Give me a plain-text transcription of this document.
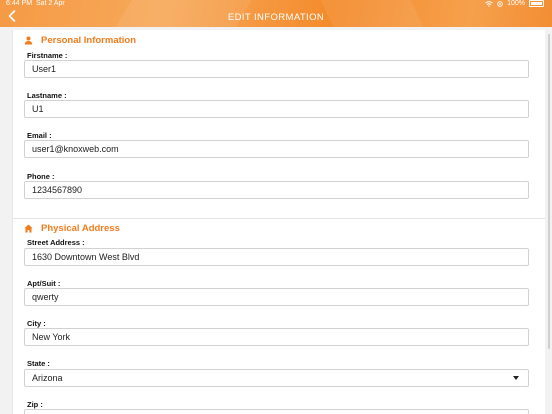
6:44 PM Sat 2 Apr	100%
EDIT INFORMATION
Personal Information
Firstname :
User1
Lastname :
U1
Email :
user1@knoxweb.com
Phone :
1234567890
Physical Address
Street Address :
1630 Downtown West Blvd
Apt/Suit :
qwerty
City :
New York
State :
Arizona
Zip :
